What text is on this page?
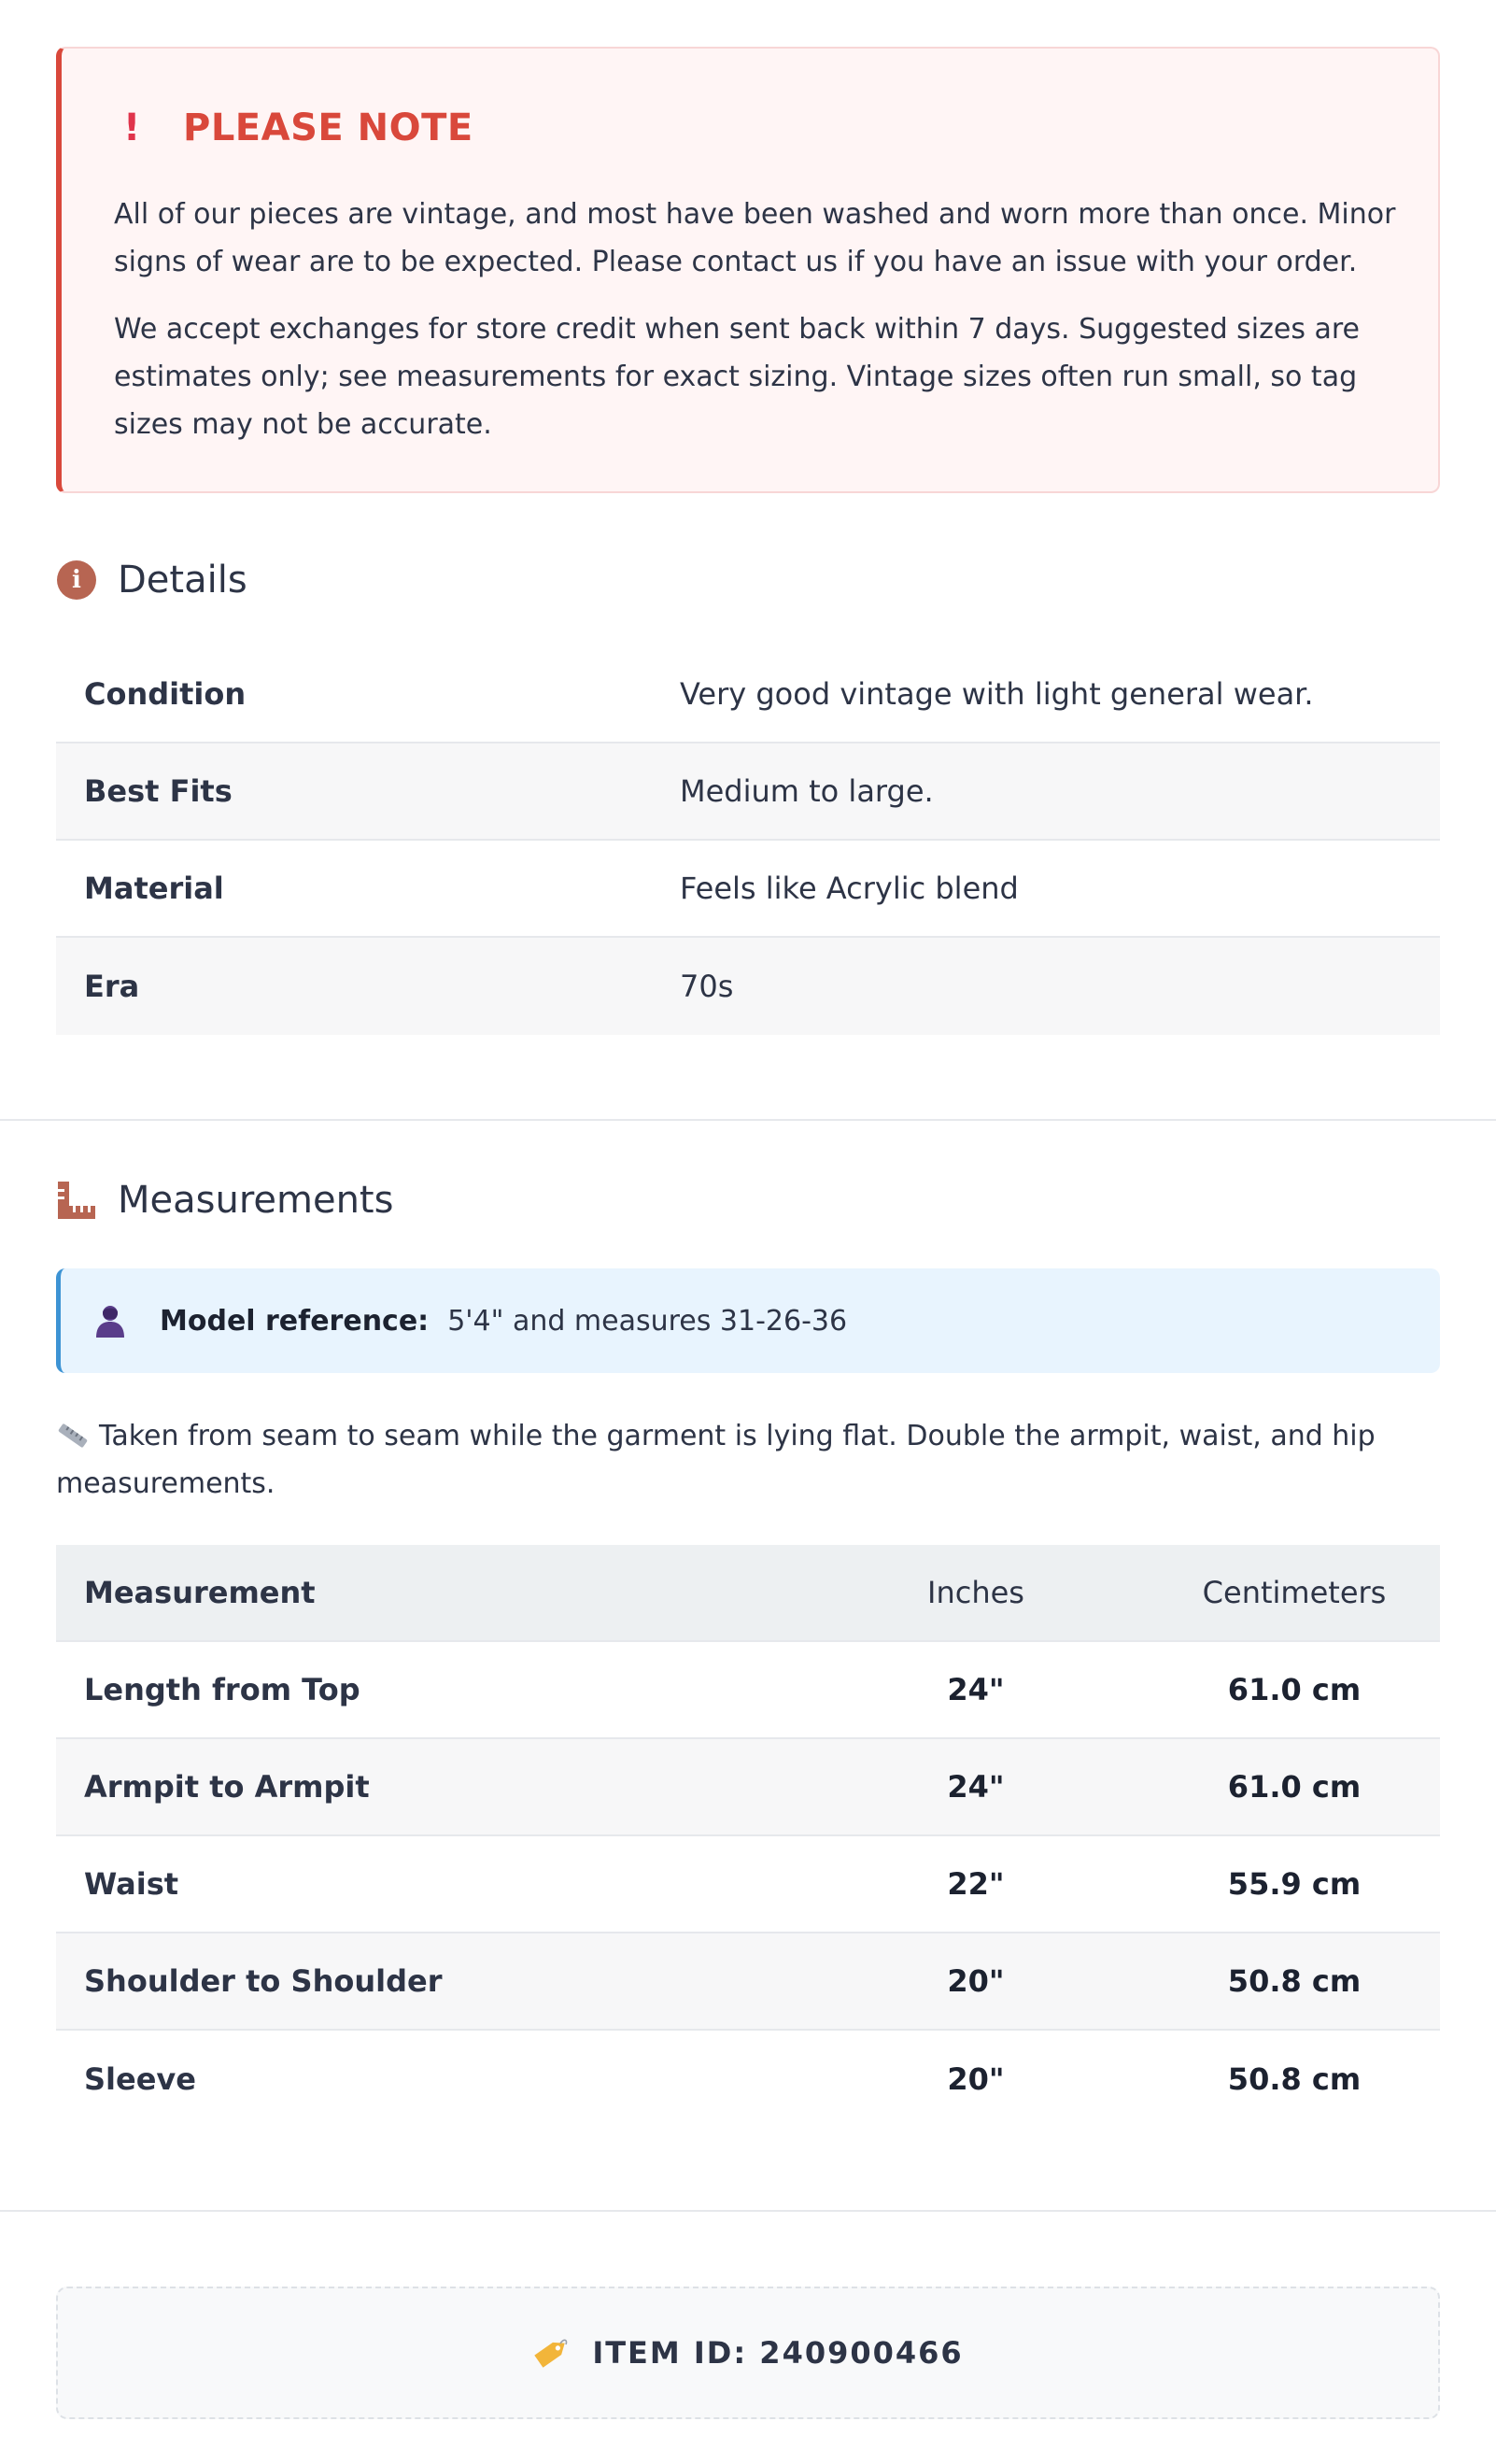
!	PLEASE NOTE

All of our pieces are vintage, and most have been washed and worn more than once. Minor signs of wear are to be expected. Please contact us if you have an issue with your order.

We accept exchanges for store credit when sent back within 7 days. Suggested sizes are estimates only; see measurements for exact sizing. Vintage sizes often run small, so tag sizes may not be accurate.

i Details
Condition	Very good vintage with light general wear.
Best Fits	Medium to large.
Material	Feels like Acrylic blend
Era	70s
Measurements
Model reference: 5'4" and measures 31-26-36
Taken from seam to seam while the garment is lying flat. Double the armpit, waist, and hip measurements.
Measurement	Inches	Centimeters
Length from Top	24"	61.0 cm
Armpit to Armpit	24"	61.0 cm
Waist	22"	55.9 cm
Shoulder to Shoulder	20"	50.8 cm
Sleeve	20"	50.8 cm
ITEM ID: 240900466
